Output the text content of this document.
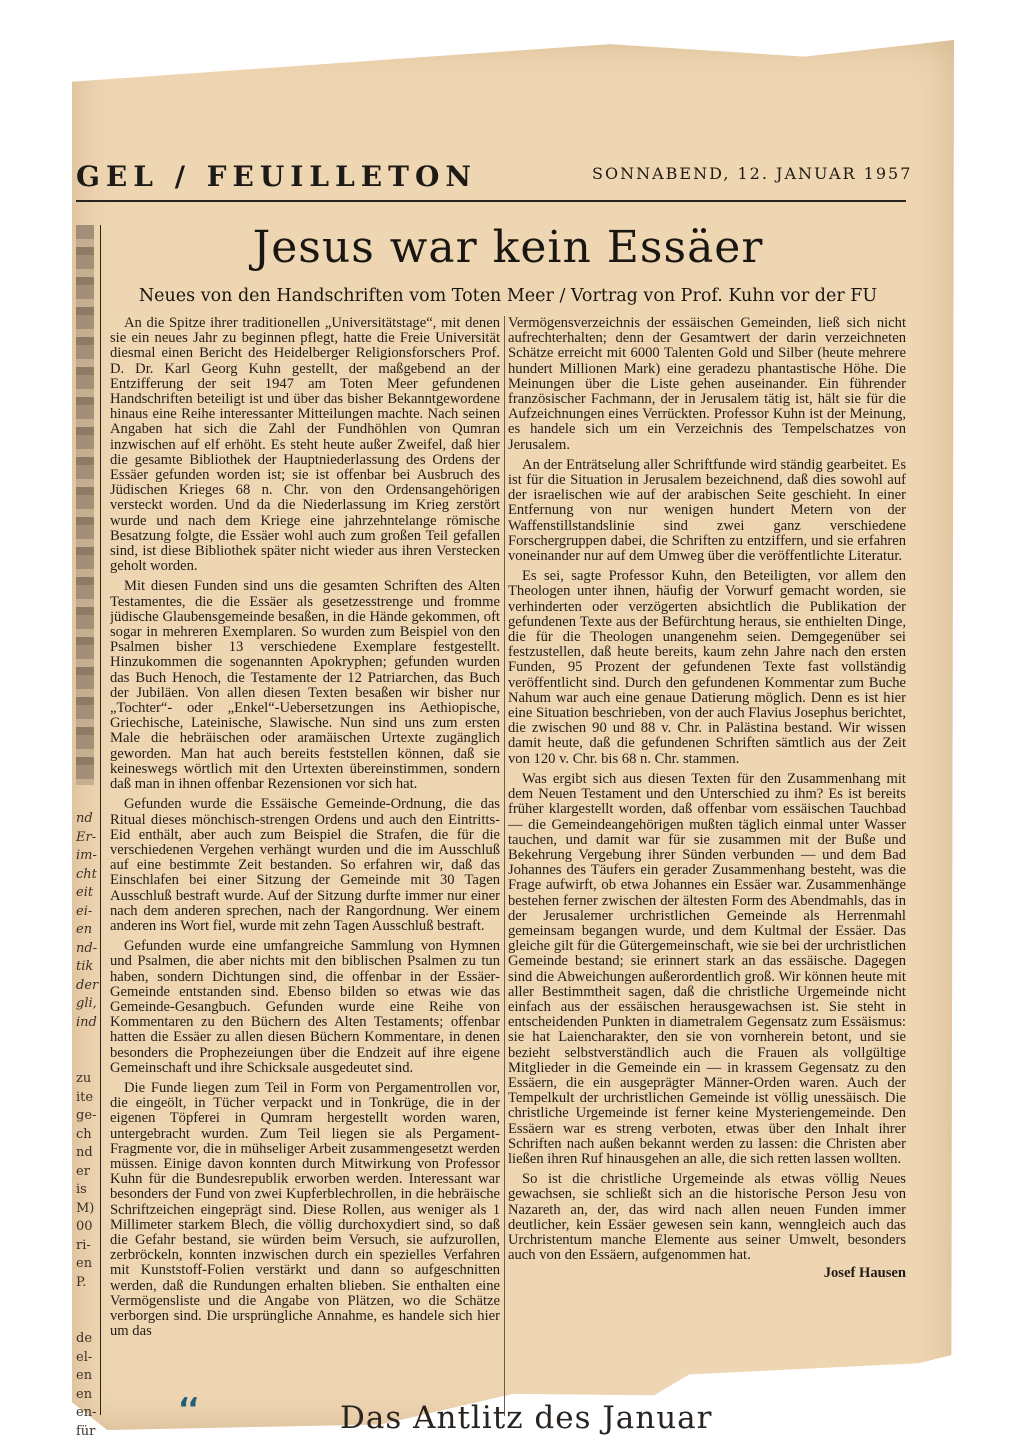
GEL / FEUILLETON	SONNABEND, 12. JANUAR 1957
nd
Er-
im-
cht
eit
ei-
en
nd-
tik
der
gli,
ind
zu
ite
ge-
ch
nd
er
is
M)
00
ri-
en
P.
de
el-
en
en
en-
für
Jesus war kein Essäer
Neues von den Handschriften vom Toten Meer / Vortrag von Prof. Kuhn vor der FU

An die Spitze ihrer traditionellen „Universitätstage“, mit denen sie ein neues Jahr zu beginnen pflegt, hatte die Freie Universität diesmal einen Bericht des Heidelberger Religionsforschers Prof. D. Dr. Karl Georg Kuhn gestellt, der maßgebend an der Entzifferung der seit 1947 am Toten Meer gefundenen Handschriften beteiligt ist und über das bisher Bekanntgewordene hinaus eine Reihe interessanter Mitteilungen machte. Nach seinen Angaben hat sich die Zahl der Fundhöhlen von Qumran inzwischen auf elf erhöht. Es steht heute außer Zweifel, daß hier die gesamte Bibliothek der Hauptniederlassung des Ordens der Essäer gefunden worden ist; sie ist offenbar bei Ausbruch des Jüdischen Krieges 68 n. Chr. von den Ordensangehörigen versteckt worden. Und da die Niederlassung im Krieg zerstört wurde und nach dem Kriege eine jahrzehntelange römische Besatzung folgte, die Essäer wohl auch zum großen Teil gefallen sind, ist diese Bibliothek später nicht wieder aus ihren Verstecken geholt worden.

Mit diesen Funden sind uns die gesamten Schriften des Alten Testamentes, die die Essäer als gesetzesstrenge und fromme jüdische Glaubensgemeinde besaßen, in die Hände gekommen, oft sogar in mehreren Exemplaren. So wurden zum Beispiel von den Psalmen bisher 13 verschiedene Exemplare festgestellt. Hinzukommen die sogenannten Apokryphen; gefunden wurden das Buch Henoch, die Testamente der 12 Patriarchen, das Buch der Jubiläen. Von allen diesen Texten besaßen wir bisher nur „Tochter“- oder „Enkel“-Uebersetzungen ins Aethiopische, Griechische, Lateinische, Slawische. Nun sind uns zum ersten Male die hebräischen oder aramäischen Urtexte zugänglich geworden. Man hat auch bereits feststellen können, daß sie keineswegs wörtlich mit den Urtexten übereinstimmen, sondern daß man in ihnen offenbar Rezensionen vor sich hat.

Gefunden wurde die Essäische Gemeinde-Ordnung, die das Ritual dieses mönchisch-strengen Ordens und auch den Eintritts-Eid enthält, aber auch zum Beispiel die Strafen, die für die verschiedenen Vergehen verhängt wurden und die im Ausschluß auf eine bestimmte Zeit bestanden. So erfahren wir, daß das Einschlafen bei einer Sitzung der Gemeinde mit 30 Tagen Ausschluß bestraft wurde. Auf der Sitzung durfte immer nur einer nach dem anderen sprechen, nach der Rangordnung. Wer einem anderen ins Wort fiel, wurde mit zehn Tagen Ausschluß bestraft.

Gefunden wurde eine umfangreiche Sammlung von Hymnen und Psalmen, die aber nichts mit den biblischen Psalmen zu tun haben, sondern Dichtungen sind, die offenbar in der Essäer-Gemeinde entstanden sind. Ebenso bilden so etwas wie das Gemeinde-Gesangbuch. Gefunden wurde eine Reihe von Kommentaren zu den Büchern des Alten Testaments; offenbar hatten die Essäer zu allen diesen Büchern Kommentare, in denen besonders die Prophezeiungen über die Endzeit auf ihre eigene Gemeinschaft und ihre Schicksale ausgedeutet sind.

Die Funde liegen zum Teil in Form von Pergamentrollen vor, die eingeölt, in Tücher verpackt und in Tonkrüge, die in der eigenen Töpferei in Qumram hergestellt worden waren, untergebracht wurden. Zum Teil liegen sie als Pergament-Fragmente vor, die in mühseliger Arbeit zusammengesetzt werden müssen. Einige davon konnten durch Mitwirkung von Professor Kuhn für die Bundesrepublik erworben werden. Interessant war besonders der Fund von zwei Kupferblechrollen, in die hebräische Schriftzeichen eingeprägt sind. Diese Rollen, aus weniger als 1 Millimeter starkem Blech, die völlig durchoxydiert sind, so daß die Gefahr bestand, sie würden beim Versuch, sie aufzurollen, zerbröckeln, konnten inzwischen durch ein spezielles Verfahren mit Kunststoff-Folien verstärkt und dann so aufgeschnitten werden, daß die Rundungen erhalten blieben. Sie enthalten eine Vermögensliste und die Angabe von Plätzen, wo die Schätze verborgen sind. Die ursprüngliche Annahme, es handele sich hier um das

Vermögensverzeichnis der essäischen Gemeinden, ließ sich nicht aufrechterhalten; denn der Gesamtwert der darin verzeichneten Schätze erreicht mit 6000 Talenten Gold und Silber (heute mehrere hundert Millionen Mark) eine geradezu phantastische Höhe. Die Meinungen über die Liste gehen auseinander. Ein führender französischer Fachmann, der in Jerusalem tätig ist, hält sie für die Aufzeichnungen eines Verrückten. Professor Kuhn ist der Meinung, es handele sich um ein Verzeichnis des Tempelschatzes von Jerusalem.

An der Enträtselung aller Schriftfunde wird ständig gearbeitet. Es ist für die Situation in Jerusalem bezeichnend, daß dies sowohl auf der israelischen wie auf der arabischen Seite geschieht. In einer Entfernung von nur wenigen hundert Metern von der Waffenstillstandslinie sind zwei ganz verschiedene Forschergruppen dabei, die Schriften zu entziffern, und sie erfahren voneinander nur auf dem Umweg über die veröffentlichte Literatur.

Es sei, sagte Professor Kuhn, den Beteiligten, vor allem den Theologen unter ihnen, häufig der Vorwurf gemacht worden, sie verhinderten oder verzögerten absichtlich die Publikation der gefundenen Texte aus der Befürchtung heraus, sie enthielten Dinge, die für die Theologen unangenehm seien. Demgegenüber sei festzustellen, daß heute bereits, kaum zehn Jahre nach den ersten Funden, 95 Prozent der gefundenen Texte fast vollständig veröffentlicht sind. Durch den gefundenen Kommentar zum Buche Nahum war auch eine genaue Datierung möglich. Denn es ist hier eine Situation beschrieben, von der auch Flavius Josephus berichtet, die zwischen 90 und 88 v. Chr. in Palästina bestand. Wir wissen damit heute, daß die gefundenen Schriften sämtlich aus der Zeit von 120 v. Chr. bis 68 n. Chr. stammen.

Was ergibt sich aus diesen Texten für den Zusammenhang mit dem Neuen Testament und den Unterschied zu ihm? Es ist bereits früher klargestellt worden, daß offenbar vom essäischen Tauchbad — die Gemeindeangehörigen mußten täglich einmal unter Wasser tauchen, und damit war für sie zusammen mit der Buße und Bekehrung Vergebung ihrer Sünden verbunden — und dem Bad Johannes des Täufers ein gerader Zusammenhang besteht, was die Frage aufwirft, ob etwa Johannes ein Essäer war. Zusammenhänge bestehen ferner zwischen der ältesten Form des Abendmahls, das in der Jerusalemer urchristlichen Gemeinde als Herrenmahl gemeinsam begangen wurde, und dem Kultmal der Essäer. Das gleiche gilt für die Gütergemeinschaft, wie sie bei der urchristlichen Gemeinde bestand; sie erinnert stark an das essäische. Dagegen sind die Abweichungen außerordentlich groß. Wir können heute mit aller Bestimmtheit sagen, daß die christliche Urgemeinde nicht einfach aus der essäischen herausgewachsen ist. Sie steht in entscheidenden Punkten in diametralem Gegensatz zum Essäismus: sie hat Laiencharakter, den sie von vornherein betont, und sie bezieht selbstverständlich auch die Frauen als vollgültige Mitglieder in die Gemeinde ein — in krassem Gegensatz zu den Essäern, die ein ausgeprägter Männer-Orden waren. Auch der Tempelkult der urchristlichen Gemeinde ist völlig unessäisch. Die christliche Urgemeinde ist ferner keine Mysteriengemeinde. Den Essäern war es streng verboten, etwas über den Inhalt ihrer Schriften nach außen bekannt werden zu lassen: die Christen aber ließen ihren Ruf hinausgehen an alle, die sich retten lassen wollten.

So ist die christliche Urgemeinde als etwas völlig Neues gewachsen, sie schließt sich an die historische Person Jesu von Nazareth an, der, das wird nach allen neuen Funden immer deutlicher, kein Essäer gewesen sein kann, wenngleich auch das Urchristentum manche Elemente aus seiner Umwelt, besonders auch von den Essäern, aufgenommen hat.

Josef Hausen
‘‘	Das Antlitz des Januar
